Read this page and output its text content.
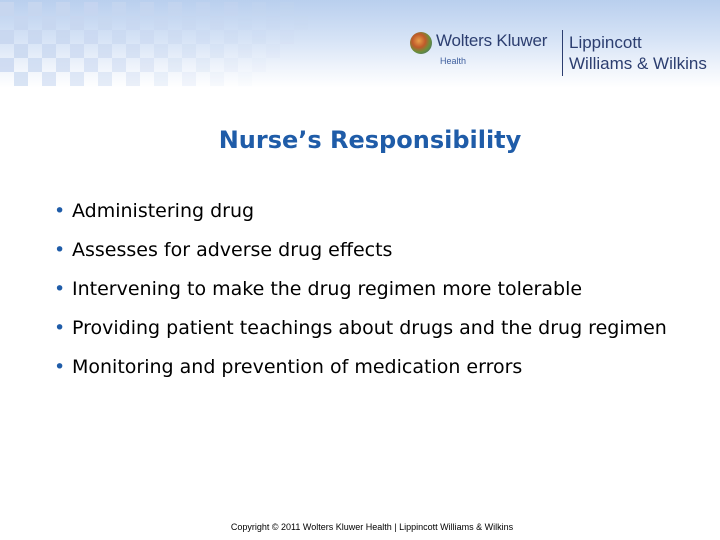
Wolters Kluwer
Health
Lippincott
Williams & Wilkins
Nurse’s Responsibility
• Administering drug
• Assesses for adverse drug effects
• Intervening to make the drug regimen more tolerable
• Providing patient teachings about drugs and the drug regimen
• Monitoring and prevention of medication errors
Copyright © 2011 Wolters Kluwer Health | Lippincott Williams & Wilkins
